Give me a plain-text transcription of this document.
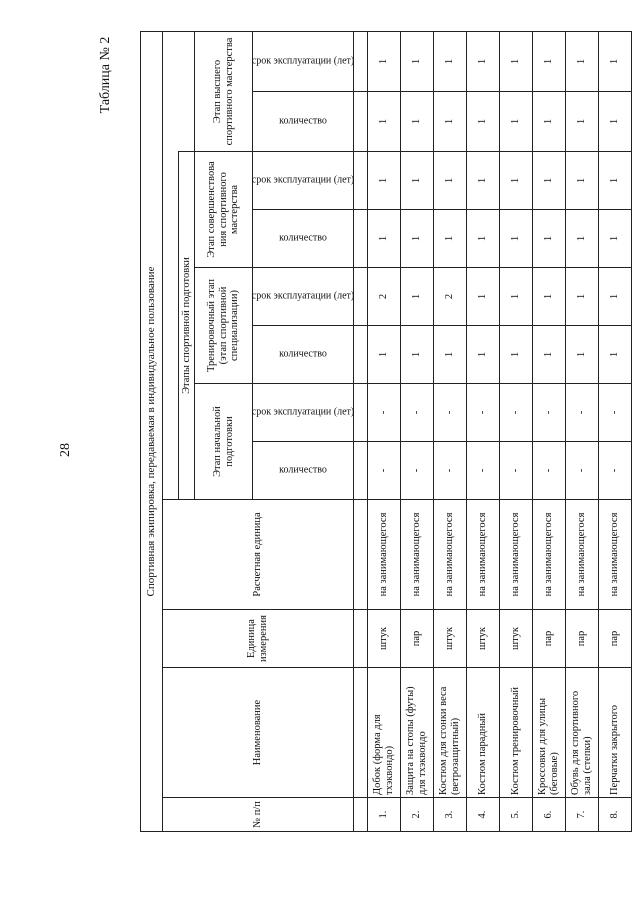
28
Таблица № 2
Спортивная экипировка, передаваемая в индивидуальное пользование											
№ п/п	Наименование	Единица измерения	Расчетная единица								
				Этапы спортивной подготовки							
				Этап начальной подготовки		Тренировочный этап (этап спортивной специализации)		Этап совершенствова ния спортивного мастерства		Этап высшего спортивного мастерства	

				количество	срок эксплуатации (лет)	количество	срок эксплуатации (лет)	количество	срок эксплуатации (лет)	количество	срок эксплуатации (лет)

1.	Добок (форма для тхэквондо)	штук	на занимающегося	-	-	1	2	1	1	1	1
2.	Защита на стопы (футы) для тхэквондо	пар	на занимающегося	-	-	1	1	1	1	1	1
3.	Костюм для сгонки веса (ветрозащитный)	штук	на занимающегося	-	-	1	2	1	1	1	1
4.	Костюм парадный	штук	на занимающегося	-	-	1	1	1	1	1	1
5.	Костюм тренировочный	штук	на занимающегося	-	-	1	1	1	1	1	1
6.	Кроссовки для улицы (беговые)	пар	на занимающегося	-	-	1	1	1	1	1	1
7.	Обувь для спортивного зала (степки)	пар	на занимающегося	-	-	1	1	1	1	1	1
8.	Перчатки закрытого	пар	на занимающегося	-	-	1	1	1	1	1	1
